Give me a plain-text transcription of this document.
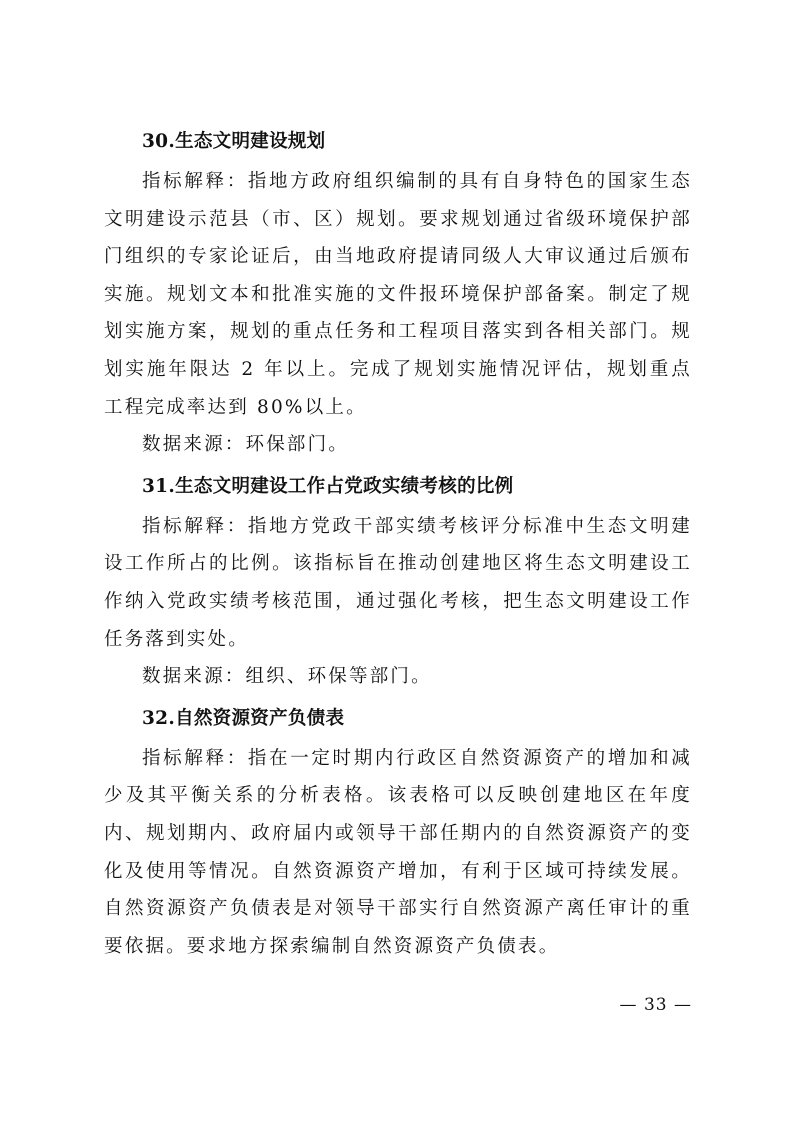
30.生态文明建设规划

指标解释：指地方政府组织编制的具有自身特色的国家生态文明建设示范县（市、区）规划。要求规划通过省级环境保护部门组织的专家论证后，由当地政府提请同级人大审议通过后颁布实施。规划文本和批准实施的文件报环境保护部备案。制定了规划实施方案，规划的重点任务和工程项目落实到各相关部门。规划实施年限达 2 年以上。完成了规划实施情况评估，规划重点工程完成率达到 80%以上。

数据来源：环保部门。

31.生态文明建设工作占党政实绩考核的比例

指标解释：指地方党政干部实绩考核评分标准中生态文明建设工作所占的比例。该指标旨在推动创建地区将生态文明建设工作纳入党政实绩考核范围，通过强化考核，把生态文明建设工作任务落到实处。

数据来源：组织、环保等部门。

32.自然资源资产负债表

指标解释：指在一定时期内行政区自然资源资产的增加和减少及其平衡关系的分析表格。该表格可以反映创建地区在年度内、规划期内、政府届内或领导干部任期内的自然资源资产的变化及使用等情况。自然资源资产增加，有利于区域可持续发展。自然资源资产负债表是对领导干部实行自然资源产离任审计的重要依据。要求地方探索编制自然资源资产负债表。

— 33 —
